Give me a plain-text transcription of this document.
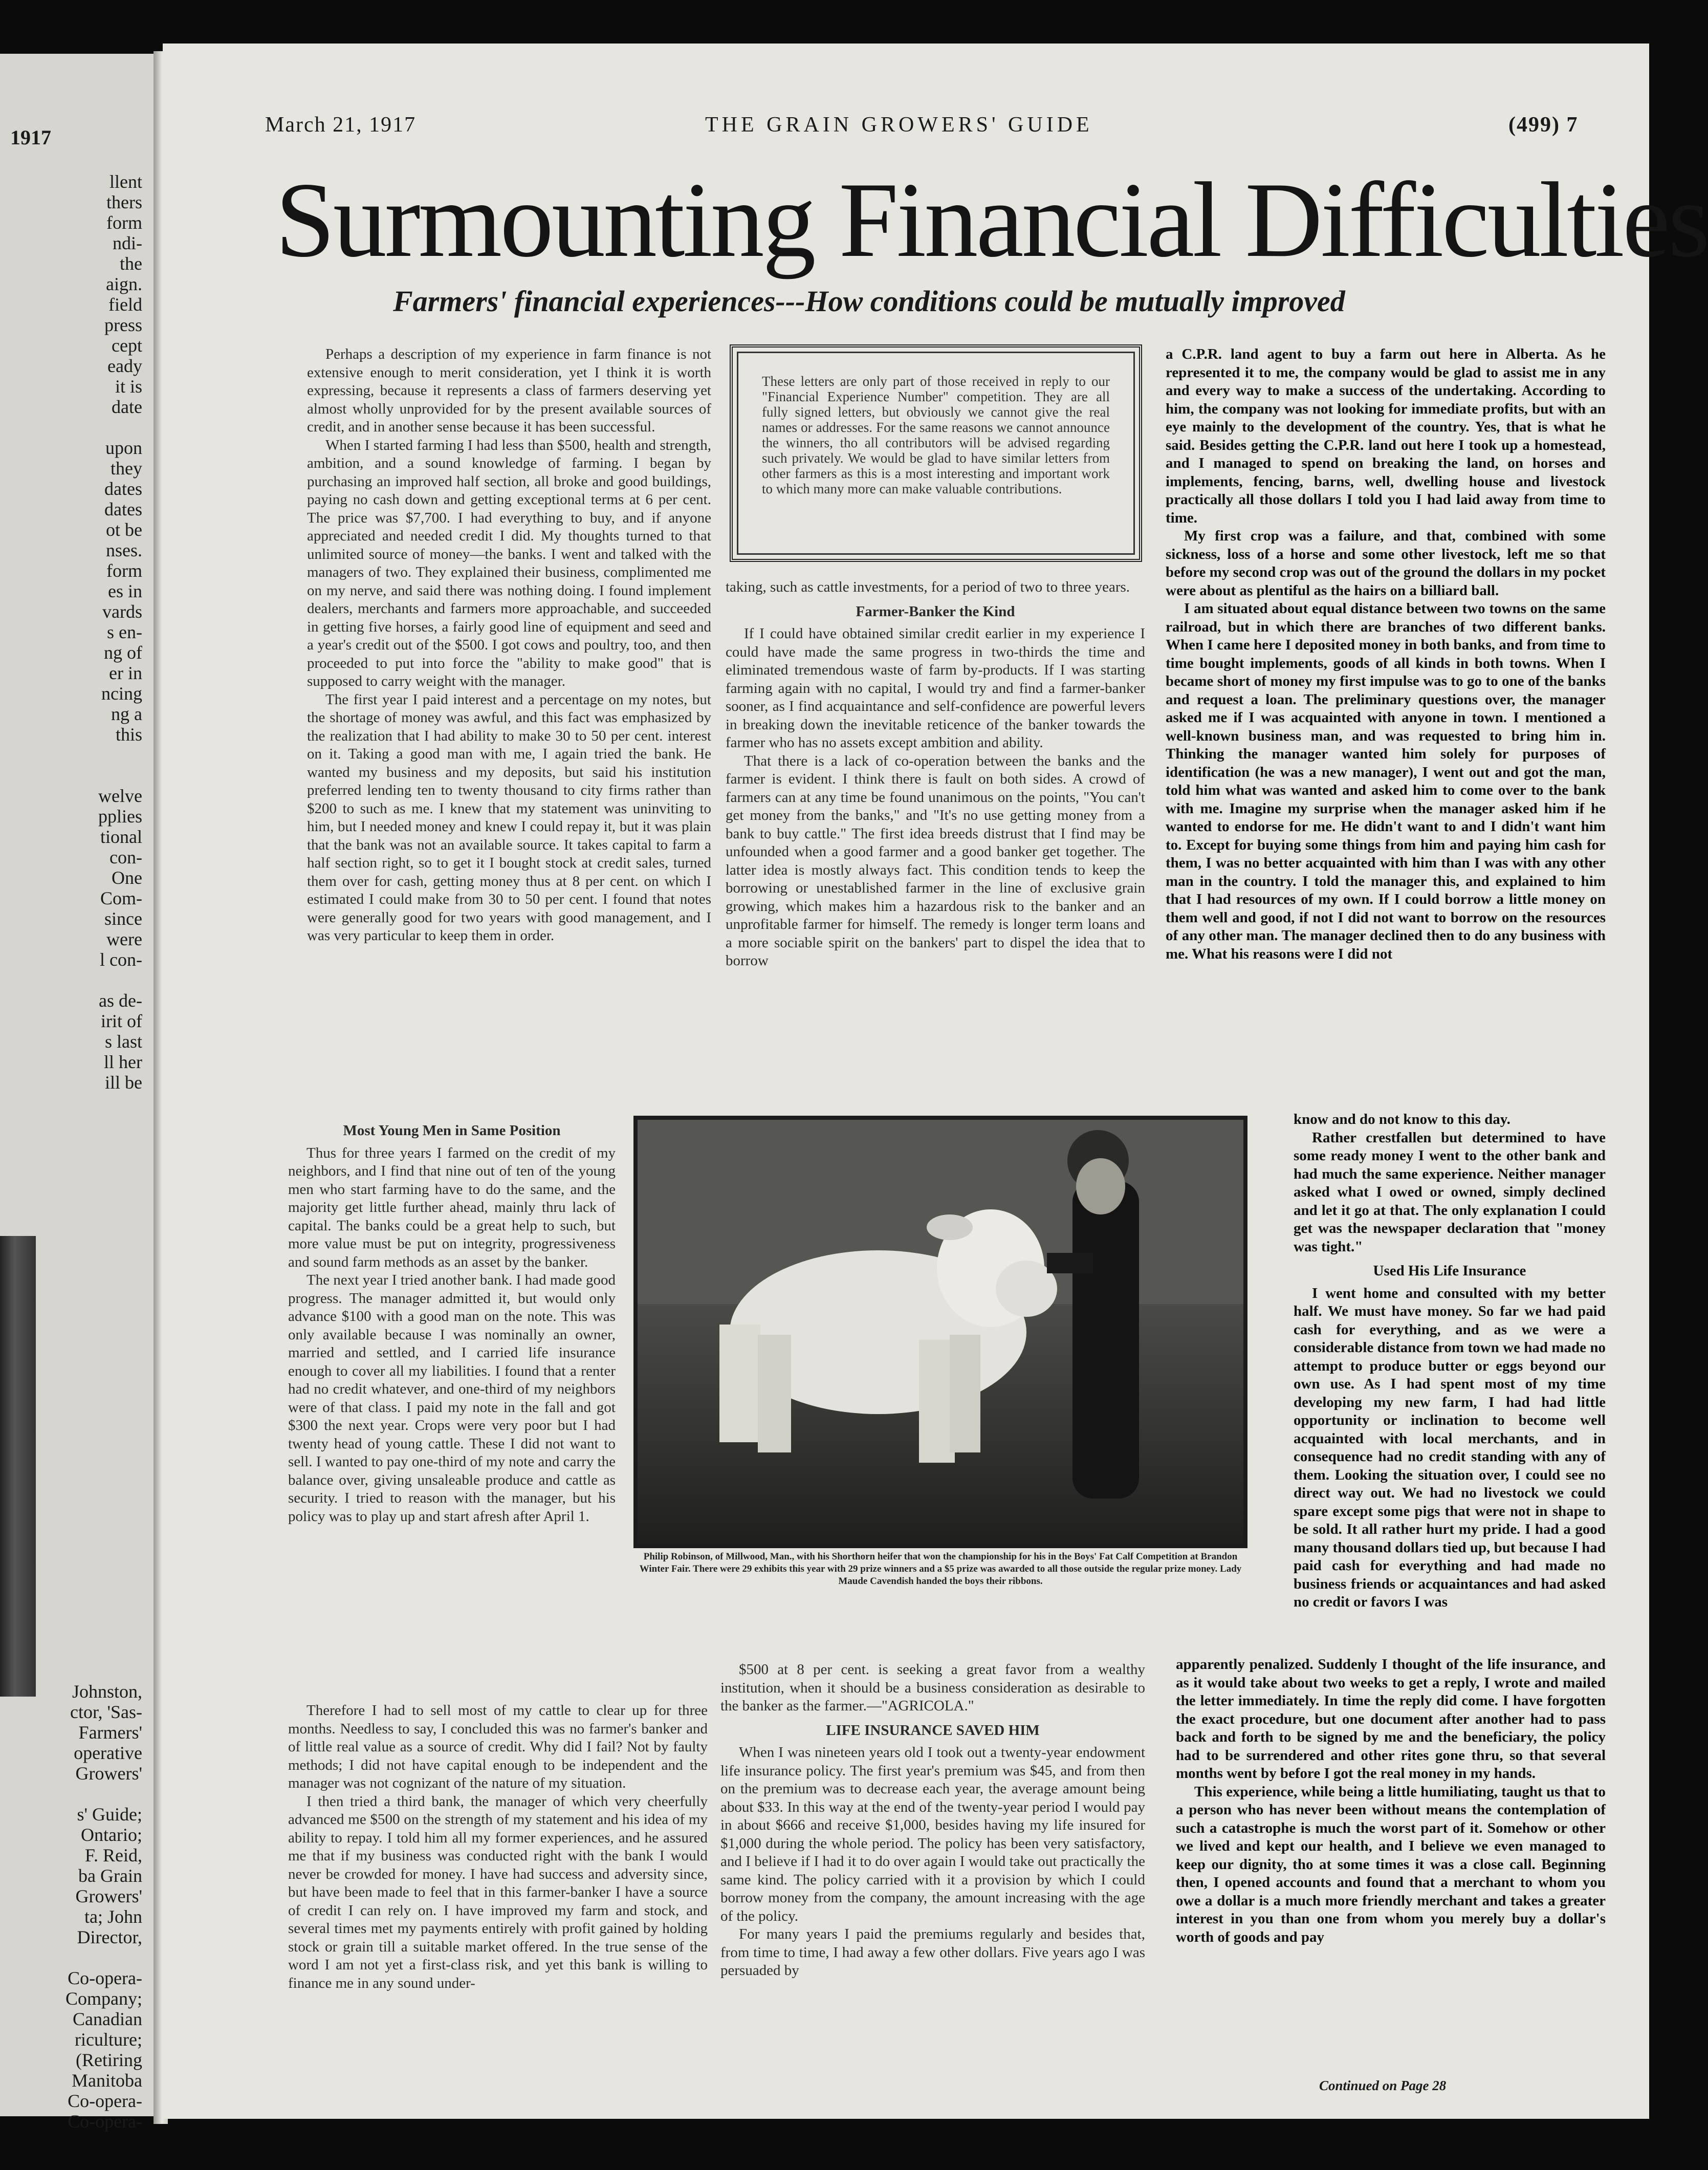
1917
llent
thers
form
ndi-
the
aign.
field
press
cept
eady
it is
date
upon
they
dates
dates
ot be
nses.
form
es in
vards
s en-
ng of
er in
ncing
ng a
this
welve
pplies
tional
con-
One
Com-
since
were
l con-
as de-
irit of
s last
ll her
ill be
Johnston,
ctor, 'Sas-
Farmers'
operative
Growers'
s' Guide;
Ontario;
F. Reid,
ba Grain
Growers'
ta; John
Director,
Co-opera-
Company;
Canadian
riculture;
(Retiring
Manitoba
Co-opera-
Co-opera-
March 21, 1917	THE GRAIN GROWERS' GUIDE	(499) 7
Surmounting Financial Difficulties
Farmers' financial experiences---How conditions could be mutually improved

Perhaps a description of my experience in farm finance is not extensive enough to merit consideration, yet I think it is worth expressing, because it represents a class of farmers deserving yet almost wholly unprovided for by the present available sources of credit, and in another sense because it has been successful.

When I started farming I had less than $500, health and strength, ambition, and a sound knowledge of farming. I began by purchasing an improved half section, all broke and good buildings, paying no cash down and getting exceptional terms at 6 per cent. The price was $7,700. I had everything to buy, and if anyone appreciated and needed credit I did. My thoughts turned to that unlimited source of money—the banks. I went and talked with the managers of two. They explained their business, complimented me on my nerve, and said there was nothing doing. I found implement dealers, merchants and farmers more approachable, and succeeded in getting five horses, a fairly good line of equipment and seed and a year's credit out of the $500. I got cows and poultry, too, and then proceeded to put into force the "ability to make good" that is supposed to carry weight with the manager.

The first year I paid interest and a percentage on my notes, but the shortage of money was awful, and this fact was emphasized by the realization that I had ability to make 30 to 50 per cent. interest on it. Taking a good man with me, I again tried the bank. He wanted my business and my deposits, but said his institution preferred lending ten to twenty thousand to city firms rather than $200 to such as me. I knew that my statement was uninviting to him, but I needed money and knew I could repay it, but it was plain that the bank was not an available source. It takes capital to farm a half section right, so to get it I bought stock at credit sales, turned them over for cash, getting money thus at 8 per cent. on which I estimated I could make from 30 to 50 per cent. I found that notes were generally good for two years with good management, and I was very particular to keep them in order.

Most Young Men in Same Position

Thus for three years I farmed on the credit of my neighbors, and I find that nine out of ten of the young men who start farming have to do the same, and the majority get little further ahead, mainly thru lack of capital. The banks could be a great help to such, but more value must be put on integrity, progressiveness and sound farm methods as an asset by the banker.

The next year I tried another bank. I had made good progress. The manager admitted it, but would only advance $100 with a good man on the note. This was only available because I was nominally an owner, married and settled, and I carried life insurance enough to cover all my liabilities. I found that a renter had no credit whatever, and one-third of my neighbors were of that class. I paid my note in the fall and got $300 the next year. Crops were very poor but I had twenty head of young cattle. These I did not want to sell. I wanted to pay one-third of my note and carry the balance over, giving unsaleable produce and cattle as security. I tried to reason with the manager, but his policy was to play up and start afresh after April 1.

Therefore I had to sell most of my cattle to clear up for three months. Needless to say, I concluded this was no farmer's banker and of little real value as a source of credit. Why did I fail? Not by faulty methods; I did not have capital enough to be independent and the manager was not cognizant of the nature of my situation.

I then tried a third bank, the manager of which very cheerfully advanced me $500 on the strength of my statement and his idea of my ability to repay. I told him all my former experiences, and he assured me that if my business was conducted right with the bank I would never be crowded for money. I have had success and adversity since, but have been made to feel that in this farmer-banker I have a source of credit I can rely on. I have improved my farm and stock, and several times met my payments entirely with profit gained by holding stock or grain till a suitable market offered. In the true sense of the word I am not yet a first-class risk, and yet this bank is willing to finance me in any sound under-

These letters are only part of those received in reply to our "Financial Experience Number" competition. They are all fully signed letters, but obviously we cannot give the real names or addresses. For the same reasons we cannot announce the winners, tho all contributors will be advised regarding such privately. We would be glad to have similar letters from other farmers as this is a most interesting and important work to which many more can make valuable contributions.

taking, such as cattle investments, for a period of two to three years.

Farmer-Banker the Kind

If I could have obtained similar credit earlier in my experience I could have made the same progress in two-thirds the time and eliminated tremendous waste of farm by-products. If I was starting farming again with no capital, I would try and find a farmer-banker sooner, as I find acquaintance and self-confidence are powerful levers in breaking down the inevitable reticence of the banker towards the farmer who has no assets except ambition and ability.

That there is a lack of co-operation between the banks and the farmer is evident. I think there is fault on both sides. A crowd of farmers can at any time be found unanimous on the points, "You can't get money from the banks," and "It's no use getting money from a bank to buy cattle." The first idea breeds distrust that I find may be unfounded when a good farmer and a good banker get together. The latter idea is mostly always fact. This condition tends to keep the borrowing or unestablished farmer in the line of exclusive grain growing, which makes him a hazardous risk to the banker and an unprofitable farmer for himself. The remedy is longer term loans and a more sociable spirit on the bankers' part to dispel the idea that to borrow

Philip Robinson, of Millwood, Man., with his Shorthorn heifer that won the championship for his in the Boys' Fat Calf Competition at Brandon Winter Fair. There were 29 exhibits this year with 29 prize winners and a $5 prize was awarded to all those outside the regular prize money. Lady Maude Cavendish handed the boys their ribbons.

$500 at 8 per cent. is seeking a great favor from a wealthy institution, when it should be a business consideration as desirable to the banker as the farmer.—"AGRICOLA."

LIFE INSURANCE SAVED HIM

When I was nineteen years old I took out a twenty-year endowment life insurance policy. The first year's premium was $45, and from then on the premium was to decrease each year, the average amount being about $33. In this way at the end of the twenty-year period I would pay in about $666 and receive $1,000, besides having my life insured for $1,000 during the whole period. The policy has been very satisfactory, and I believe if I had it to do over again I would take out practically the same kind. The policy carried with it a provision by which I could borrow money from the company, the amount increasing with the age of the policy.

For many years I paid the premiums regularly and besides that, from time to time, I had away a few other dollars. Five years ago I was persuaded by

a C.P.R. land agent to buy a farm out here in Alberta. As he represented it to me, the company would be glad to assist me in any and every way to make a success of the undertaking. According to him, the company was not looking for immediate profits, but with an eye mainly to the development of the country. Yes, that is what he said. Besides getting the C.P.R. land out here I took up a homestead, and I managed to spend on breaking the land, on horses and implements, fencing, barns, well, dwelling house and livestock practically all those dollars I told you I had laid away from time to time.

My first crop was a failure, and that, combined with some sickness, loss of a horse and some other livestock, left me so that before my second crop was out of the ground the dollars in my pocket were about as plentiful as the hairs on a billiard ball.

I am situated about equal distance between two towns on the same railroad, but in which there are branches of two different banks. When I came here I deposited money in both banks, and from time to time bought implements, goods of all kinds in both towns. When I became short of money my first impulse was to go to one of the banks and request a loan. The preliminary questions over, the manager asked me if I was acquainted with anyone in town. I mentioned a well-known business man, and was requested to bring him in. Thinking the manager wanted him solely for purposes of identification (he was a new manager), I went out and got the man, told him what was wanted and asked him to come over to the bank with me. Imagine my surprise when the manager asked him if he wanted to endorse for me. He didn't want to and I didn't want him to. Except for buying some things from him and paying him cash for them, I was no better acquainted with him than I was with any other man in the country. I told the manager this, and explained to him that I had resources of my own. If I could borrow a little money on them well and good, if not I did not want to borrow on the resources of any other man. The manager declined then to do any business with me. What his reasons were I did not

know and do not know to this day.

Rather crestfallen but determined to have some ready money I went to the other bank and had much the same experience. Neither manager asked what I owed or owned, simply declined and let it go at that. The only explanation I could get was the newspaper declaration that "money was tight."

Used His Life Insurance

I went home and consulted with my better half. We must have money. So far we had paid cash for everything, and as we were a considerable distance from town we had made no attempt to produce butter or eggs beyond our own use. As I had spent most of my time developing my new farm, I had had little opportunity or inclination to become well acquainted with local merchants, and in consequence had no credit standing with any of them. Looking the situation over, I could see no direct way out. We had no livestock we could spare except some pigs that were not in shape to be sold. It all rather hurt my pride. I had a good many thousand dollars tied up, but because I had paid cash for everything and had made no business friends or acquaintances and had asked no credit or favors I was

apparently penalized. Suddenly I thought of the life insurance, and as it would take about two weeks to get a reply, I wrote and mailed the letter immediately. In time the reply did come. I have forgotten the exact procedure, but one document after another had to pass back and forth to be signed by me and the beneficiary, the policy had to be surrendered and other rites gone thru, so that several months went by before I got the real money in my hands.

This experience, while being a little humiliating, taught us that to a person who has never been without means the contemplation of such a catastrophe is much the worst part of it. Somehow or other we lived and kept our health, and I believe we even managed to keep our dignity, tho at some times it was a close call. Beginning then, I opened accounts and found that a merchant to whom you owe a dollar is a much more friendly merchant and takes a greater interest in you than one from whom you merely buy a dollar's worth of goods and pay

Continued on Page 28
